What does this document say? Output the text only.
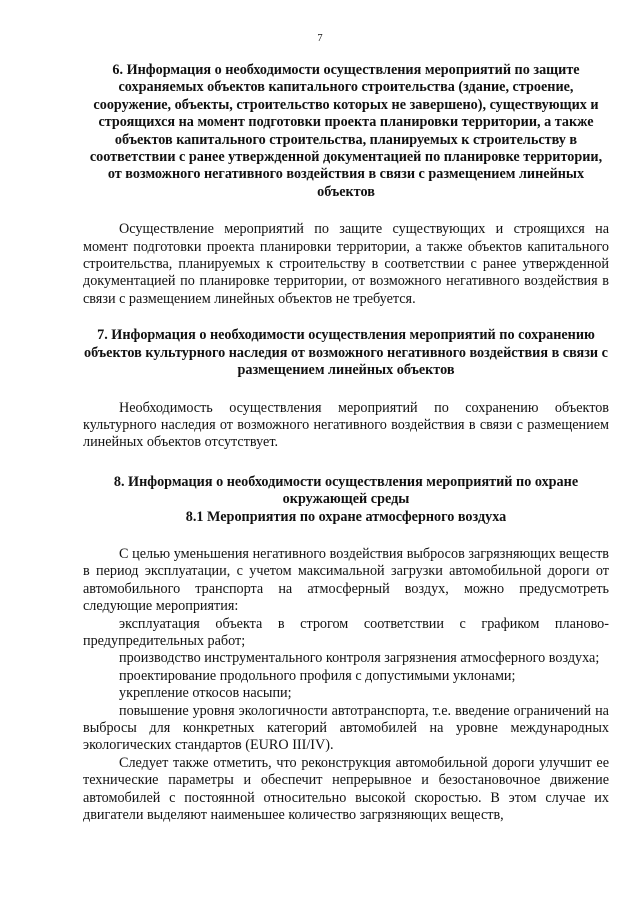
7

6. Информация о необходимости осуществления мероприятий по защите сохраняемых объектов капитального строительства (здание, строение, сооружение, объекты, строительство которых не завершено), существующих и строящихся на момент подготовки проекта планировки территории, а также объектов капитального строительства, планируемых к строительству в соответствии с ранее утвержденной документацией по планировке территории, от возможного негативного воздействия в связи с размещением линейных объектов

Осуществление мероприятий по защите существующих и строящихся на момент подготовки проекта планировки территории, а также объектов капитального строительства, планируемых к строительству в соответствии с ранее утвержденной документацией по планировке территории, от возможного негативного воздействия в связи с размещением линейных объектов не требуется.

7. Информация о необходимости осуществления мероприятий по сохранению объектов культурного наследия от возможного негативного воздействия в связи с размещением линейных объектов

Необходимость осуществления мероприятий по сохранению объектов культурного наследия от возможного негативного воздействия в связи с размещением линейных объектов отсутствует.

8. Информация о необходимости осуществления мероприятий по охране окружающей среды

8.1 Мероприятия по охране атмосферного воздуха

С целью уменьшения негативного воздействия выбросов загрязняющих веществ в период эксплуатации, с учетом максимальной загрузки автомобильной дороги от автомобильного транспорта на атмосферный воздух, можно предусмотреть следующие мероприятия:

эксплуатация объекта в строгом соответствии с графиком планово-предупредительных работ;

производство инструментального контроля загрязнения атмосферного воздуха;

проектирование продольного профиля с допустимыми уклонами;

укрепление откосов насыпи;

повышение уровня экологичности автотранспорта, т.е. введение ограничений на выбросы для конкретных категорий автомобилей на уровне международных экологических стандартов (EURO III/IV).

Следует также отметить, что реконструкция автомобильной дороги улучшит ее технические параметры и обеспечит непрерывное и безостановочное движение автомобилей с постоянной относительно высокой скоростью. В этом случае их двигатели выделяют наименьшее количество загрязняющих веществ,
